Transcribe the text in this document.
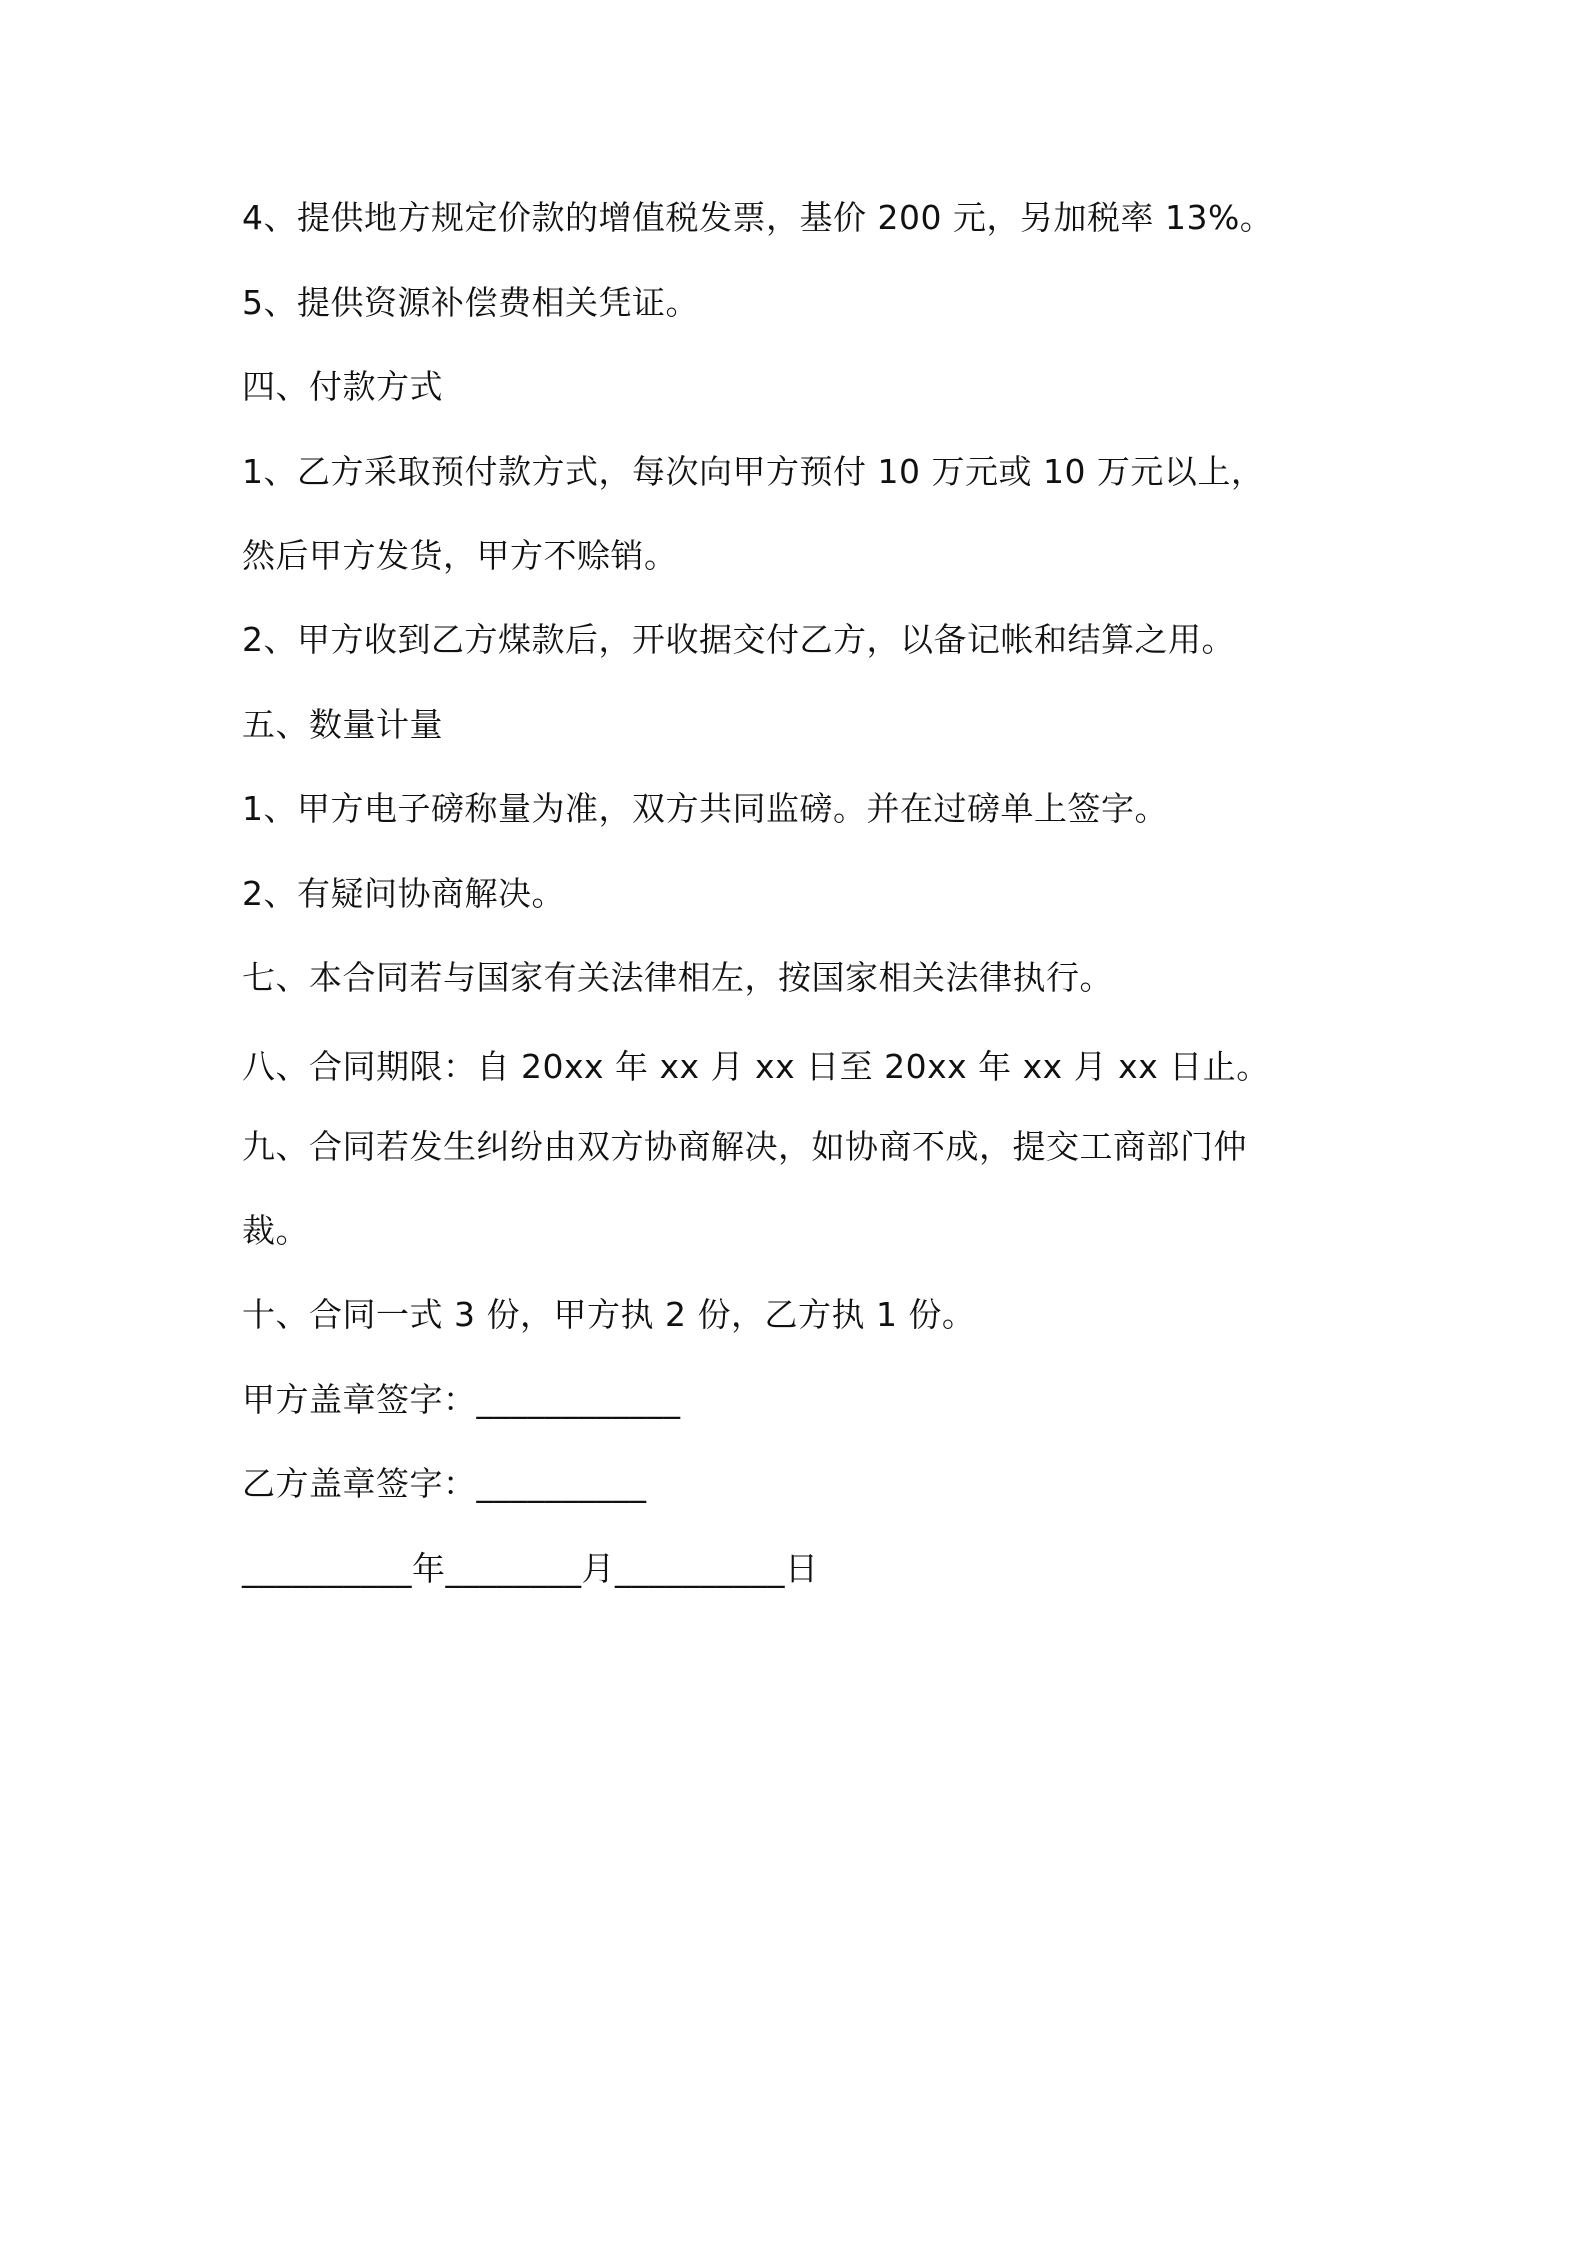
4、提供地方规定价款的增值税发票，基价 200 元，另加税率 13%。
5、提供资源补偿费相关凭证。
四、付款方式
1、乙方采取预付款方式，每次向甲方预付 10 万元或 10 万元以上，
然后甲方发货，甲方不赊销。
2、甲方收到乙方煤款后，开收据交付乙方，以备记帐和结算之用。
五、数量计量
1、甲方电子磅称量为准，双方共同监磅。并在过磅单上签字。
2、有疑问协商解决。
七、本合同若与国家有关法律相左，按国家相关法律执行。
八、合同期限：自 20xx 年 xx 月 xx 日至 20xx 年 xx 月 xx 日止。
九、合同若发生纠纷由双方协商解决，如协商不成，提交工商部门仲
裁。
十、合同一式 3 份，甲方执 2 份，乙方执 1 份。
甲方盖章签字：____________
乙方盖章签字：__________
__________年________月__________日
